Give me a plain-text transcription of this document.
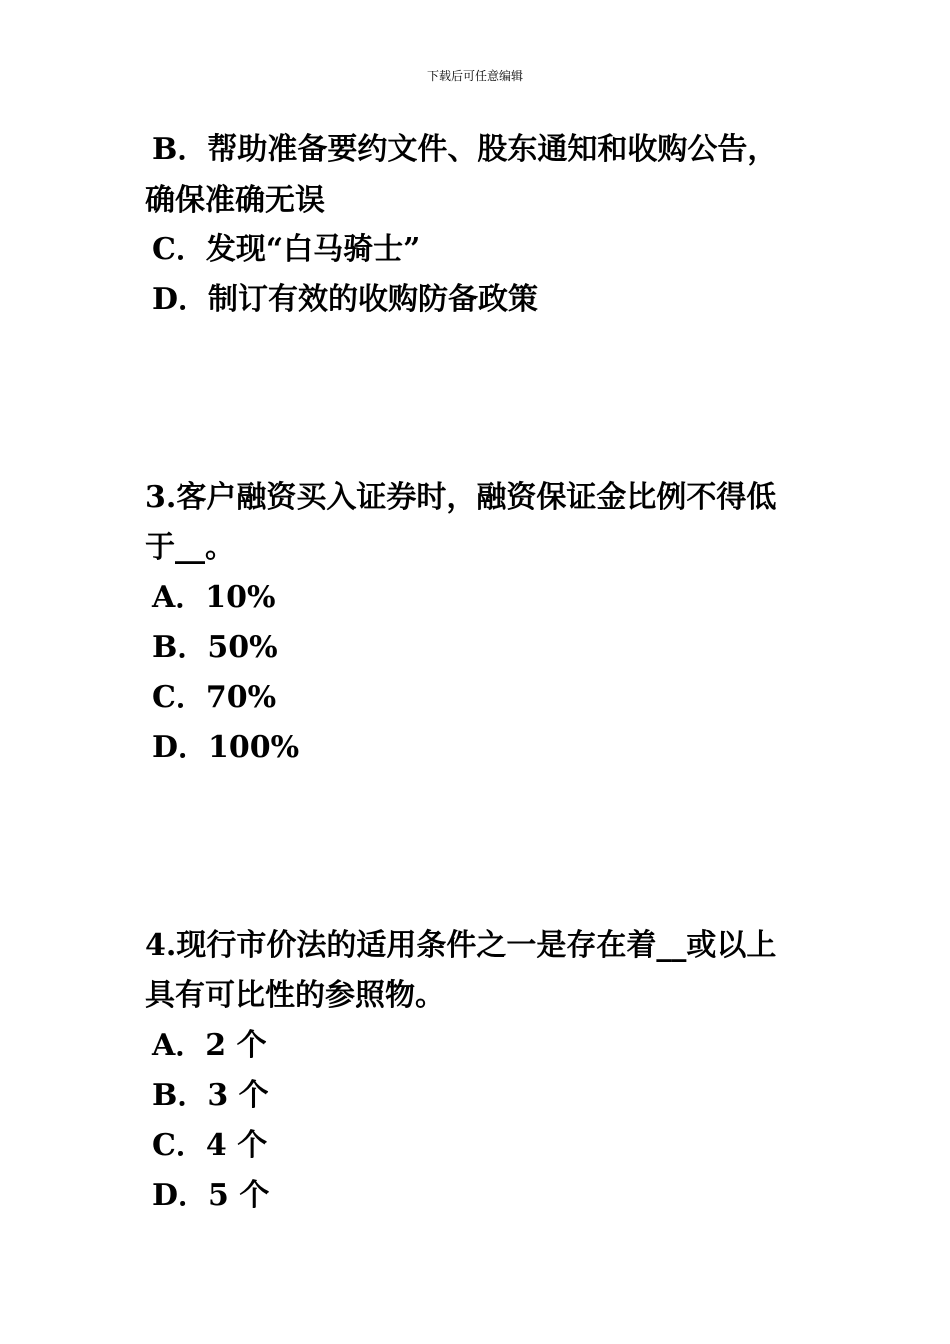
下载后可任意编辑
B．帮助准备要约文件、股东通知和收购公告，
确保准确无误
C．发现“白马骑士”
D．制订有效的收购防备政策
3.客户融资买入证券时，融资保证金比例不得低
于__。
A．10%
B．50%
C．70%
D．100%
4.现行市价法的适用条件之一是存在着__或以上
具有可比性的参照物。
A．2 个
B．3 个
C．4 个
D．5 个
